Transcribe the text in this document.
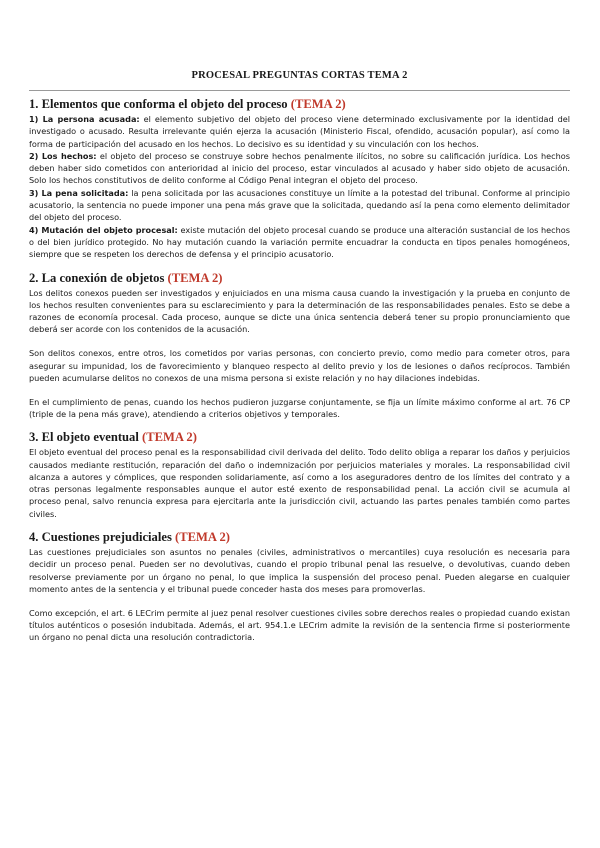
PROCESAL PREGUNTAS CORTAS TEMA 2
1. Elementos que conforma el objeto del proceso (TEMA 2)

1) La persona acusada: el elemento subjetivo del objeto del proceso viene determinado exclusivamente por la identidad del investigado o acusado. Resulta irrelevante quién ejerza la acusación (Ministerio Fiscal, ofendido, acusación popular), así como la forma de participación del acusado en los hechos. Lo decisivo es su identidad y su vinculación con los hechos.

2) Los hechos: el objeto del proceso se construye sobre hechos penalmente ilícitos, no sobre su calificación jurídica. Los hechos deben haber sido cometidos con anterioridad al inicio del proceso, estar vinculados al acusado y haber sido objeto de acusación. Solo los hechos constitutivos de delito conforme al Código Penal integran el objeto del proceso.

3) La pena solicitada: la pena solicitada por las acusaciones constituye un límite a la potestad del tribunal. Conforme al principio acusatorio, la sentencia no puede imponer una pena más grave que la solicitada, quedando así la pena como elemento delimitador del objeto del proceso.

4) Mutación del objeto procesal: existe mutación del objeto procesal cuando se produce una alteración sustancial de los hechos o del bien jurídico protegido. No hay mutación cuando la variación permite encuadrar la conducta en tipos penales homogéneos, siempre que se respeten los derechos de defensa y el principio acusatorio.

2. La conexión de objetos (TEMA 2)

Los delitos conexos pueden ser investigados y enjuiciados en una misma causa cuando la investigación y la prueba en conjunto de los hechos resulten convenientes para su esclarecimiento y para la determinación de las responsabilidades penales. Esto se debe a razones de economía procesal. Cada proceso, aunque se dicte una única sentencia deberá tener su propio pronunciamiento que deberá ser acorde con los contenidos de la acusación.

Son delitos conexos, entre otros, los cometidos por varias personas, con concierto previo, como medio para cometer otros, para asegurar su impunidad, los de favorecimiento y blanqueo respecto al delito previo y los de lesiones o daños recíprocos. También pueden acumularse delitos no conexos de una misma persona si existe relación y no hay dilaciones indebidas.

En el cumplimiento de penas, cuando los hechos pudieron juzgarse conjuntamente, se fija un límite máximo conforme al art. 76 CP (triple de la pena más grave), atendiendo a criterios objetivos y temporales.

3. El objeto eventual (TEMA 2)

El objeto eventual del proceso penal es la responsabilidad civil derivada del delito. Todo delito obliga a reparar los daños y perjuicios causados mediante restitución, reparación del daño o indemnización por perjuicios materiales y morales. La responsabilidad civil alcanza a autores y cómplices, que responden solidariamente, así como a los aseguradores dentro de los límites del contrato y a otras personas legalmente responsables aunque el autor esté exento de responsabilidad penal. La acción civil se acumula al proceso penal, salvo renuncia expresa para ejercitarla ante la jurisdicción civil, actuando las partes penales también como partes civiles.

4. Cuestiones prejudiciales (TEMA 2)

Las cuestiones prejudiciales son asuntos no penales (civiles, administrativos o mercantiles) cuya resolución es necesaria para decidir un proceso penal. Pueden ser no devolutivas, cuando el propio tribunal penal las resuelve, o devolutivas, cuando deben resolverse previamente por un órgano no penal, lo que implica la suspensión del proceso penal. Pueden alegarse en cualquier momento antes de la sentencia y el tribunal puede conceder hasta dos meses para promoverlas.

Como excepción, el art. 6 LECrim permite al juez penal resolver cuestiones civiles sobre derechos reales o propiedad cuando existan títulos auténticos o posesión indubitada. Además, el art. 954.1.e LECrim admite la revisión de la sentencia firme si posteriormente un órgano no penal dicta una resolución contradictoria.
